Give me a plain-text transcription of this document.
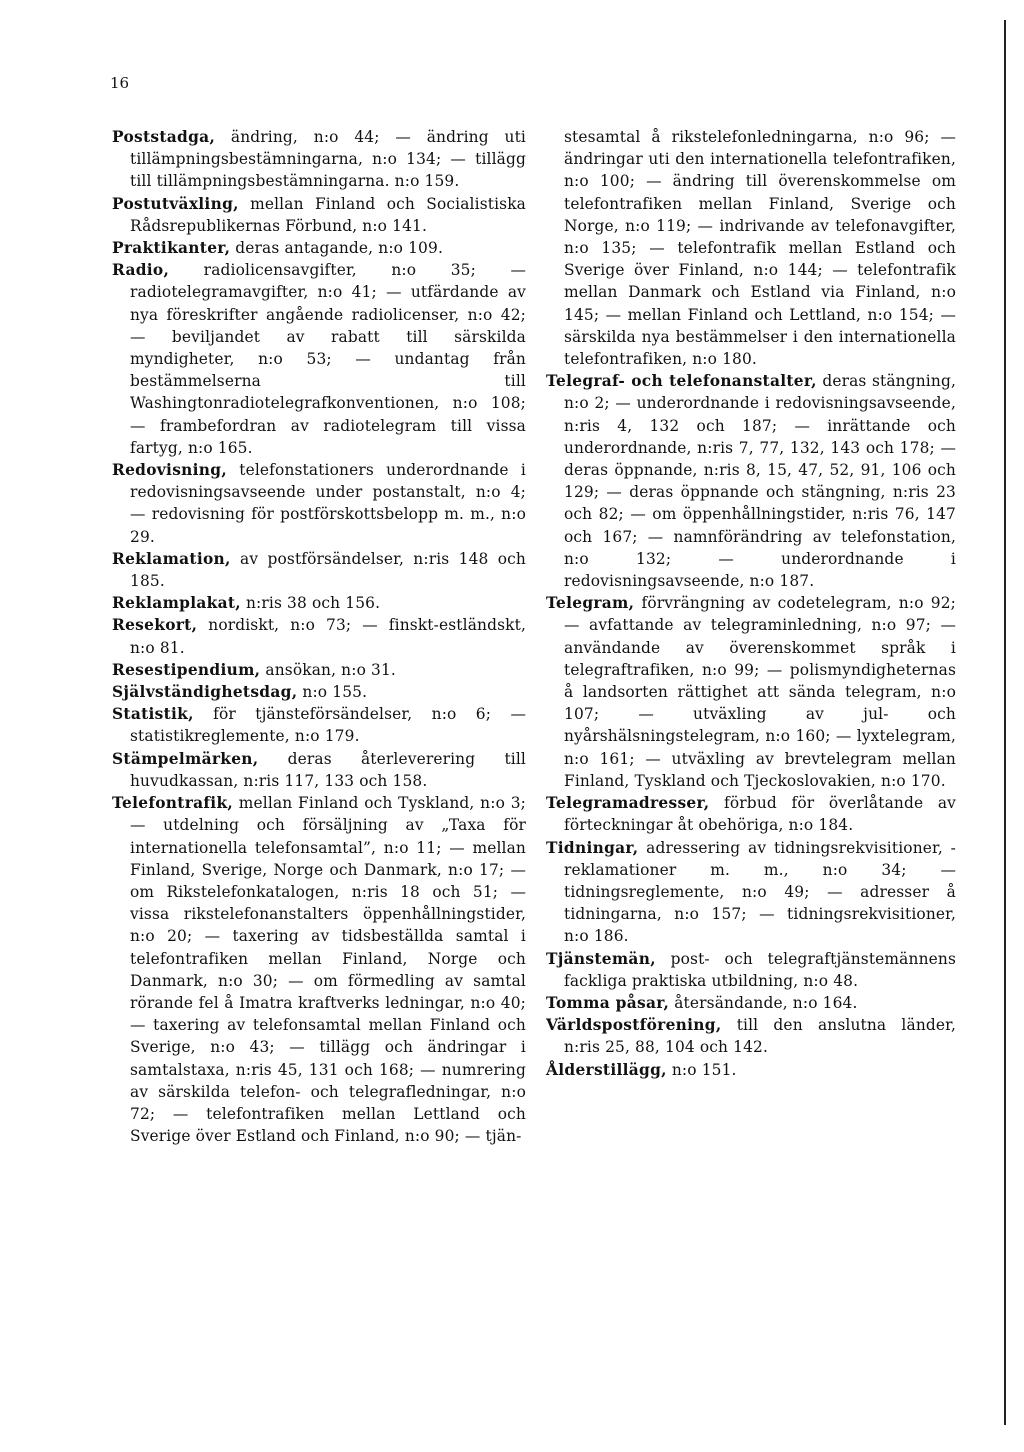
16

Poststadga, ändring, n:o 44; — ändring uti tillämpningsbestämningarna, n:o 134; — tillägg till tillämpningsbestämningarna. n:o 159.

Postutväxling, mellan Finland och Socialistiska Rådsrepublikernas Förbund, n:o 141.

Praktikanter, deras antagande, n:o 109.

Radio, radiolicensavgifter, n:o 35; — radiotelegramavgifter, n:o 41; — utfärdande av nya föreskrifter angående radiolicenser, n:o 42; — beviljandet av rabatt till särskilda myndigheter, n:o 53; — undantag från bestämmelserna till Washingtonradiotelegrafkonventionen, n:o 108; — frambefordran av radiotelegram till vissa fartyg, n:o 165.

Redovisning, telefonstationers underordnande i redovisningsavseende under postanstalt, n:o 4; — redovisning för postförskottsbelopp m. m., n:o 29.

Reklamation, av postförsändelser, n:ris 148 och 185.

Reklamplakat, n:ris 38 och 156.

Resekort, nordiskt, n:o 73; — finskt-estländskt, n:o 81.

Resestipendium, ansökan, n:o 31.

Självständighetsdag, n:o 155.

Statistik, för tjänsteförsändelser, n:o 6; — statistikreglemente, n:o 179.

Stämpelmärken, deras återleverering till huvudkassan, n:ris 117, 133 och 158.

Telefontrafik, mellan Finland och Tyskland, n:o 3; — utdelning och försäljning av „Taxa för internationella telefonsamtal”, n:o 11; — mellan Finland, Sverige, Norge och Danmark, n:o 17; — om Rikstelefonkatalogen, n:ris 18 och 51; — vissa rikstelefonanstalters öppenhållningstider, n:o 20; — taxering av tidsbeställda samtal i telefontrafiken mellan Finland, Norge och Danmark, n:o 30; — om förmedling av samtal rörande fel å Imatra kraftverks ledningar, n:o 40; — taxering av telefonsamtal mellan Finland och Sverige, n:o 43; — tillägg och ändringar i samtalstaxa, n:ris 45, 131 och 168; — numrering av särskilda telefon- och telegrafledningar, n:o 72; — telefontrafiken mellan Lettland och Sverige över Estland och Finland, n:o 90; — tjän-

stesamtal å rikstelefonledningarna, n:o 96; — ändringar uti den internationella telefontrafiken, n:o 100; — ändring till överenskommelse om telefontrafiken mellan Finland, Sverige och Norge, n:o 119; — indrivande av telefonavgifter, n:o 135; — telefontrafik mellan Estland och Sverige över Finland, n:o 144; — telefontrafik mellan Danmark och Estland via Finland, n:o 145; — mellan Finland och Lettland, n:o 154; — särskilda nya bestämmelser i den internationella telefontrafiken, n:o 180.

Telegraf- och telefonanstalter, deras stängning, n:o 2; — underordnande i redovisningsavseende, n:ris 4, 132 och 187; — inrättande och underordnande, n:ris 7, 77, 132, 143 och 178; — deras öppnande, n:ris 8, 15, 47, 52, 91, 106 och 129; — deras öppnande och stängning, n:ris 23 och 82; — om öppenhållningstider, n:ris 76, 147 och 167; — namnförändring av telefonstation, n:o 132; — underordnande i redovisningsavseende, n:o 187.

Telegram, förvrängning av codetelegram, n:o 92; — avfattande av telegraminledning, n:o 97; — användande av överenskommet språk i telegraftrafiken, n:o 99; — polismyndigheternas å landsorten rättighet att sända telegram, n:o 107; — utväxling av jul- och nyårshälsningstelegram, n:o 160; — lyxtelegram, n:o 161; — utväxling av brevtelegram mellan Finland, Tyskland och Tjeckoslovakien, n:o 170.

Telegramadresser, förbud för överlåtande av förteckningar åt obehöriga, n:o 184.

Tidningar, adressering av tidningsrekvisitioner, -reklamationer m. m., n:o 34; — tidningsreglemente, n:o 49; — adresser å tidningarna, n:o 157; — tidningsrekvisitioner, n:o 186.

Tjänstemän, post- och telegraftjänstemännens fackliga praktiska utbildning, n:o 48.

Tomma påsar, återsändande, n:o 164.

Världspostförening, till den anslutna länder, n:ris 25, 88, 104 och 142.

Ålderstillägg, n:o 151.
